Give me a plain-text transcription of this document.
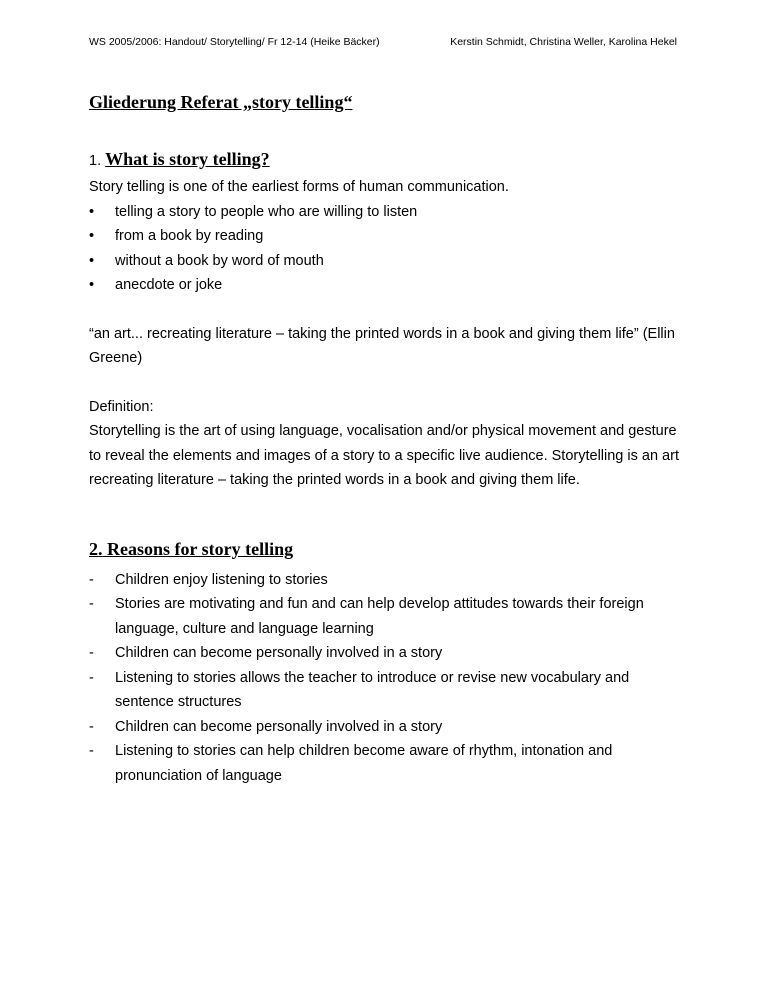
WS 2005/2006: Handout/ Storytelling/ Fr 12-14 (Heike Bäcker)	Kerstin Schmidt, Christina Weller, Karolina Hekel
Gliederung Referat „story telling“
1. What is story telling?

Story telling is one of the earliest forms of human communication.

• telling a story to people who are willing to listen
• from a book by reading
• without a book by word of mouth
• anecdote or joke

“an art... recreating literature – taking the printed words in a book and giving them life” (Ellin Greene)

Definition:

Storytelling is the art of using language, vocalisation and/or physical movement and gesture to reveal the elements and images of a story to a specific live audience. Storytelling is an art recreating literature – taking the printed words in a book and giving them life.

2. Reasons for story telling
- Children enjoy listening to stories
- Stories are motivating and fun and can help develop attitudes towards their foreign language, culture and language learning
- Children can become personally involved in a story
- Listening to stories allows the teacher to introduce or revise new vocabulary and sentence structures
- Children can become personally involved in a story
- Listening to stories can help children become aware of rhythm, intonation and pronunciation of language
